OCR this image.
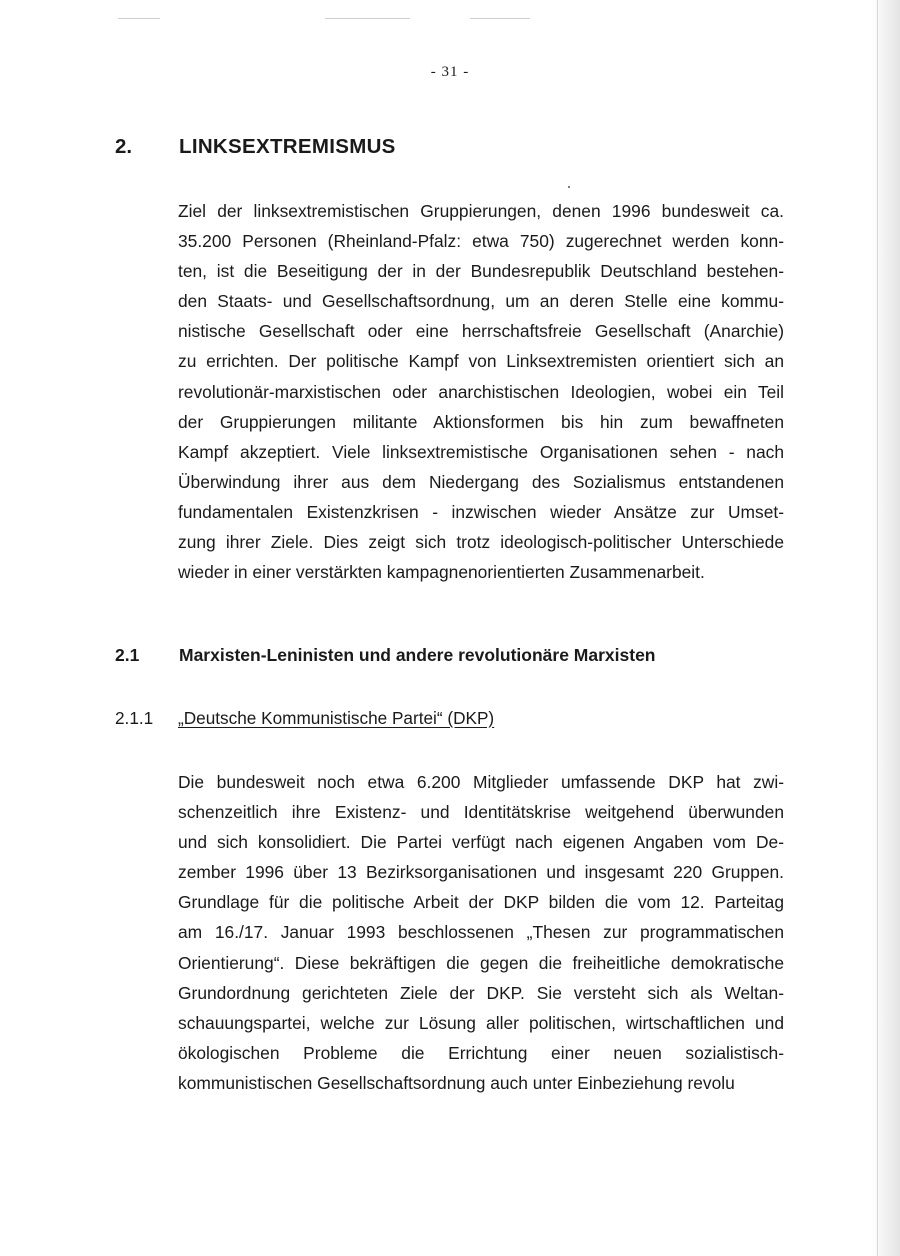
- 31 -
2. LINKSEXTREMISMUS
Ziel der linksextremistischen Gruppierungen, denen 1996 bundesweit ca.
35.200 Personen (Rheinland-Pfalz: etwa 750) zugerechnet werden konn-
ten, ist die Beseitigung der in der Bundesrepublik Deutschland bestehen-
den Staats- und Gesellschaftsordnung, um an deren Stelle eine kommu-
nistische Gesellschaft oder eine herrschaftsfreie Gesellschaft (Anarchie)
zu errichten. Der politische Kampf von Linksextremisten orientiert sich an
revolutionär-marxistischen oder anarchistischen Ideologien, wobei ein Teil
der Gruppierungen militante Aktionsformen bis hin zum bewaffneten
Kampf akzeptiert. Viele linksextremistische Organisationen sehen - nach
Überwindung ihrer aus dem Niedergang des Sozialismus entstandenen
fundamentalen Existenzkrisen - inzwischen wieder Ansätze zur Umset-
zung ihrer Ziele. Dies zeigt sich trotz ideologisch-politischer Unterschiede
wieder in einer verstärkten kampagnenorientierten Zusammenarbeit.
2.1 Marxisten-Leninisten und andere revolutionäre Marxisten
2.1.1 „Deutsche Kommunistische Partei“ (DKP)
Die bundesweit noch etwa 6.200 Mitglieder umfassende DKP hat zwi-
schenzeitlich ihre Existenz- und Identitätskrise weitgehend überwunden
und sich konsolidiert. Die Partei verfügt nach eigenen Angaben vom De-
zember 1996 über 13 Bezirksorganisationen und insgesamt 220 Gruppen.
Grundlage für die politische Arbeit der DKP bilden die vom 12. Parteitag
am 16./17. Januar 1993 beschlossenen „Thesen zur programmatischen
Orientierung“. Diese bekräftigen die gegen die freiheitliche demokratische
Grundordnung gerichteten Ziele der DKP. Sie versteht sich als Weltan-
schauungspartei, welche zur Lösung aller politischen, wirtschaftlichen und
ökologischen Probleme die Errichtung einer neuen sozialistisch-
kommunistischen Gesellschaftsordnung auch unter Einbeziehung revolu
